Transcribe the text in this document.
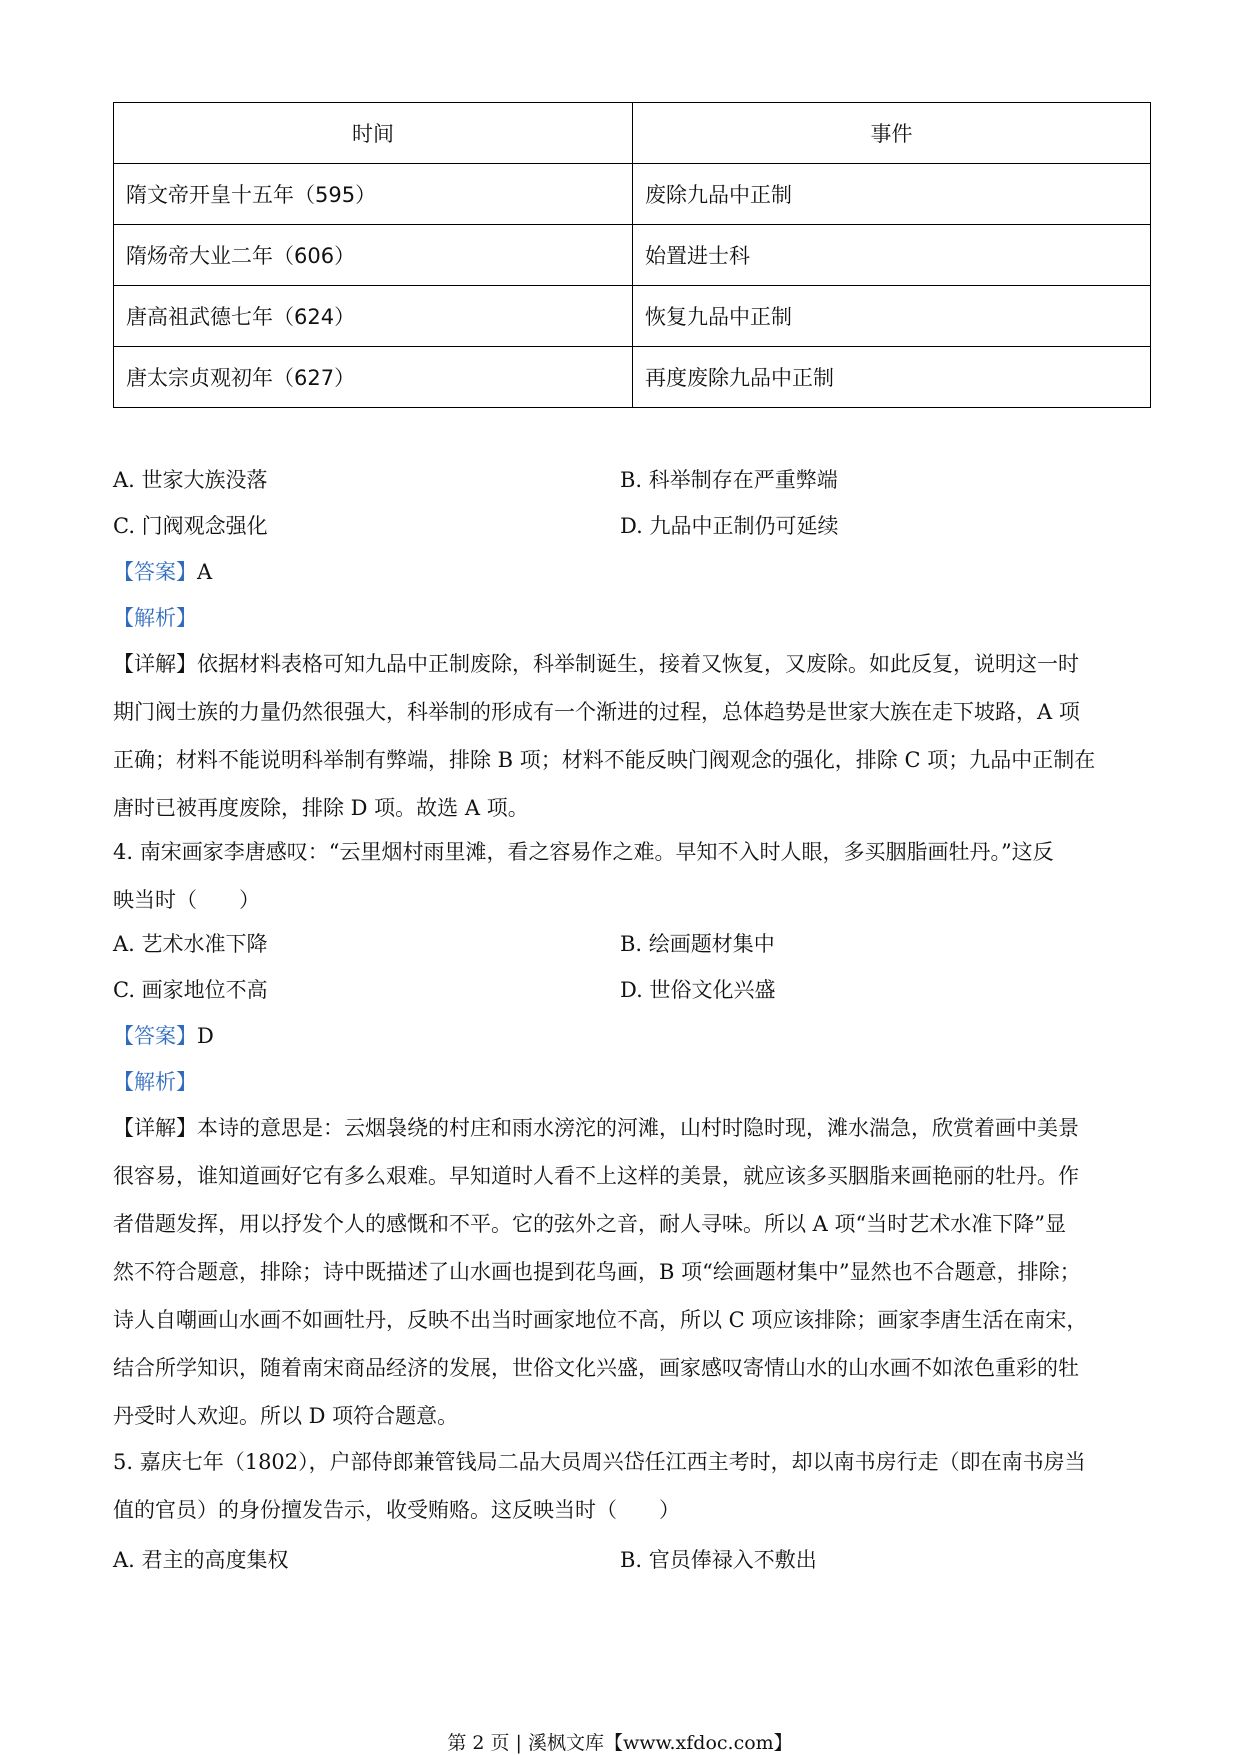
时间	事件
隋文帝开皇十五年（595）	废除九品中正制
隋炀帝大业二年（606）	始置进士科
唐高祖武德七年（624）	恢复九品中正制
唐太宗贞观初年（627）	再度废除九品中正制
A. 世家大族没落	B. 科举制存在严重弊端
C. 门阀观念强化	D. 九品中正制仍可延续
【答案】A
【解析】
【详解】依据材料表格可知九品中正制废除，科举制诞生，接着又恢复，又废除。如此反复，说明这一时
期门阀士族的力量仍然很强大，科举制的形成有一个渐进的过程，总体趋势是世家大族在走下坡路，A 项
正确；材料不能说明科举制有弊端，排除 B 项；材料不能反映门阀观念的强化，排除 C 项；九品中正制在
唐时已被再度废除，排除 D 项。故选 A 项。
4. 南宋画家李唐感叹：“云里烟村雨里滩，看之容易作之难。早知不入时人眼，多买胭脂画牡丹。”这反
映当时（　　）
A. 艺术水准下降	B. 绘画题材集中
C. 画家地位不高	D. 世俗文化兴盛
【答案】D
【解析】
【详解】本诗的意思是：云烟袅绕的村庄和雨水滂沱的河滩，山村时隐时现，滩水湍急，欣赏着画中美景
很容易，谁知道画好它有多么艰难。早知道时人看不上这样的美景，就应该多买胭脂来画艳丽的牡丹。作
者借题发挥，用以抒发个人的感慨和不平。它的弦外之音，耐人寻味。所以 A 项“当时艺术水准下降”显
然不符合题意，排除；诗中既描述了山水画也提到花鸟画，B 项“绘画题材集中”显然也不合题意，排除；
诗人自嘲画山水画不如画牡丹，反映不出当时画家地位不高，所以 C 项应该排除；画家李唐生活在南宋，
结合所学知识，随着南宋商品经济的发展，世俗文化兴盛，画家感叹寄情山水的山水画不如浓色重彩的牡
丹受时人欢迎。所以 D 项符合题意。
5. 嘉庆七年（1802），户部侍郎兼管钱局二品大员周兴岱任江西主考时，却以南书房行走（即在南书房当
值的官员）的身份擅发告示，收受贿赂。这反映当时（　　）
A. 君主的高度集权	B. 官员俸禄入不敷出
第 2 页 | 溪枫文库【www.xfdoc.com】
